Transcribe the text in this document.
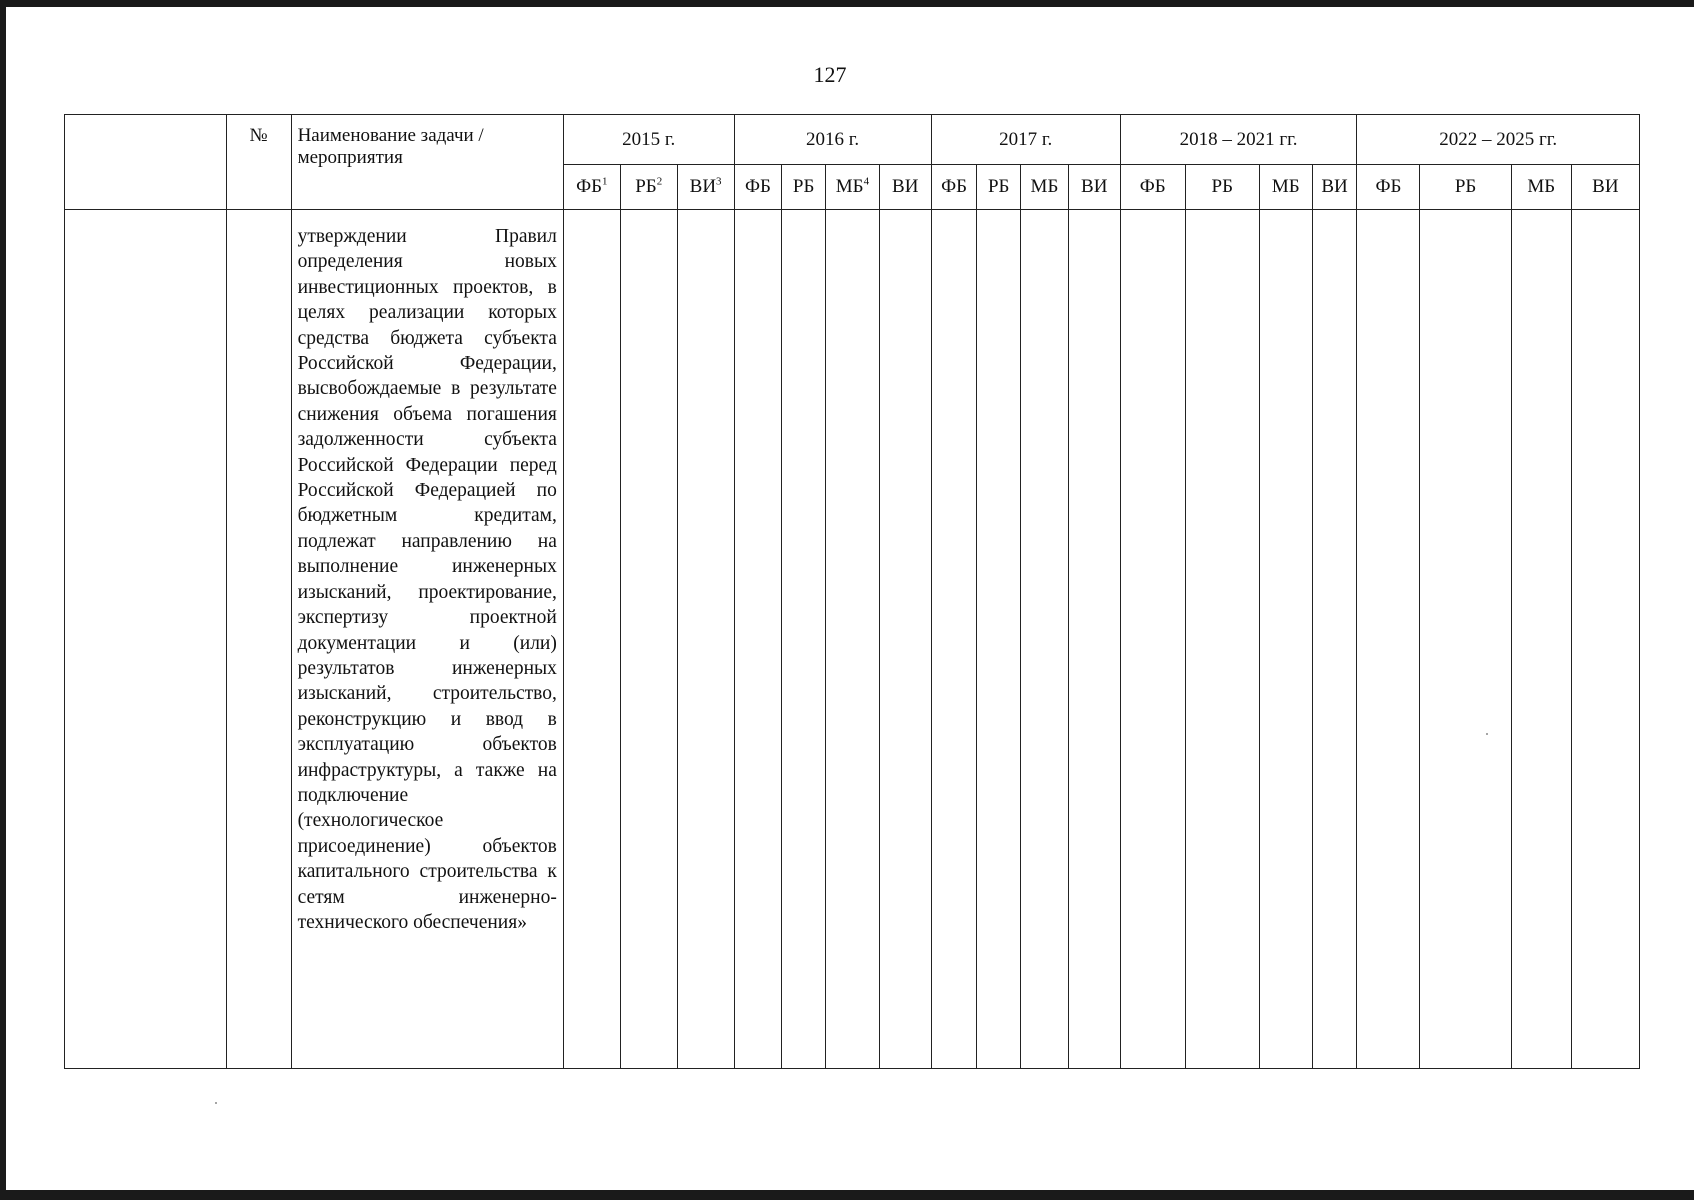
127
	№	Наименование задачи / мероприятия	2015 г.			2016 г.				2017 г.				2018 – 2021 гг.				2022 – 2025 гг.			
			$ФБ^1$	$РБ^2$	$ВИ^3$	ФБ	РБ	$МБ^4$	ВИ	ФБ	РБ	МБ	ВИ	ФБ	РБ	МБ	ВИ	ФБ	РБ	МБ	ВИ
		утверждении Правил определения новых инвестиционных проектов, в целях реализации которых средства бюджета субъекта Российской Федерации, высвобождаемые в результате снижения объема погашения задолженности субъекта Российской Федерации перед Российской Федерацией по бюджетным кредитам, подлежат направлению на выполнение инженерных изысканий, проектирование, экспертизу проектной документации и (или) результатов инженерных изысканий, строительство, реконструкцию и ввод в эксплуатацию объектов инфраструктуры, а также на подключение (технологическое присоединение) объектов капитального строительства к сетям инженерно-технического обеспечения»																			
